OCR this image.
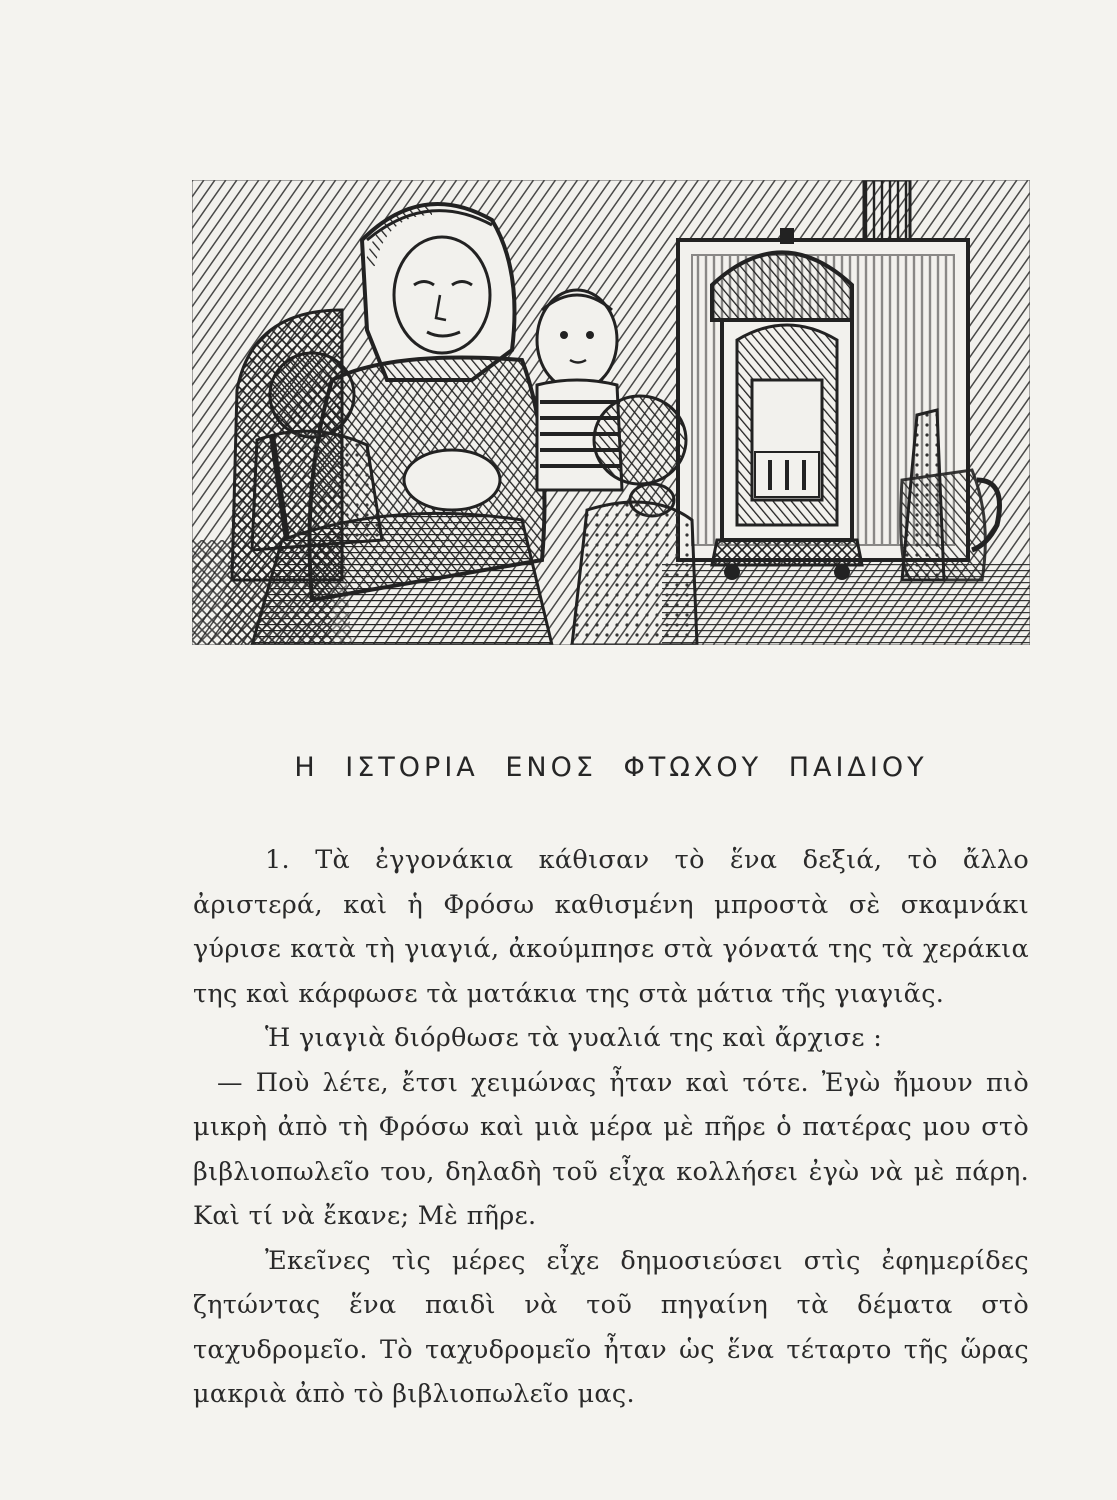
Η ΙΣΤΟΡΙΑ ΕΝΟΣ ΦΤΩΧΟΥ ΠΑΙΔΙΟΥ

1. Τὰ ἐγγονάκια κάθισαν τὸ ἕνα δεξιά, τὸ ἄλλο ἀριστερά, καὶ ἡ Φρόσω καθισμένη μπροστὰ σὲ σκαμνάκι γύρισε κατὰ τὴ γιαγιά, ἀκούμπησε στὰ γόνατά της τὰ χεράκια της καὶ κάρφωσε τὰ ματάκια της στὰ μάτια τῆς γιαγιᾶς.

Ἡ γιαγιὰ διόρθωσε τὰ γυαλιά της καὶ ἄρχισε :

— Ποὺ λέτε, ἔτσι χειμώνας ἦταν καὶ τότε. Ἐγὼ ἤμουν πιὸ μικρὴ ἀπὸ τὴ Φρόσω καὶ μιὰ μέρα μὲ πῆρε ὁ πατέρας μου στὸ βιβλιοπωλεῖο του, δηλαδὴ τοῦ εἶχα κολλήσει ἐγὼ νὰ μὲ πάρη. Καὶ τί νὰ ἔκανε; Μὲ πῆρε.

Ἐκεῖνες τὶς μέρες εἶχε δημοσιεύσει στὶς ἐφημερίδες ζητώντας ἕνα παιδὶ νὰ τοῦ πηγαίνη τὰ δέματα στὸ ταχυδρομεῖο. Τὸ ταχυδρομεῖο ἦταν ὡς ἕνα τέταρτο τῆς ὥρας μακριὰ ἀπὸ τὸ βιβλιοπωλεῖο μας.
